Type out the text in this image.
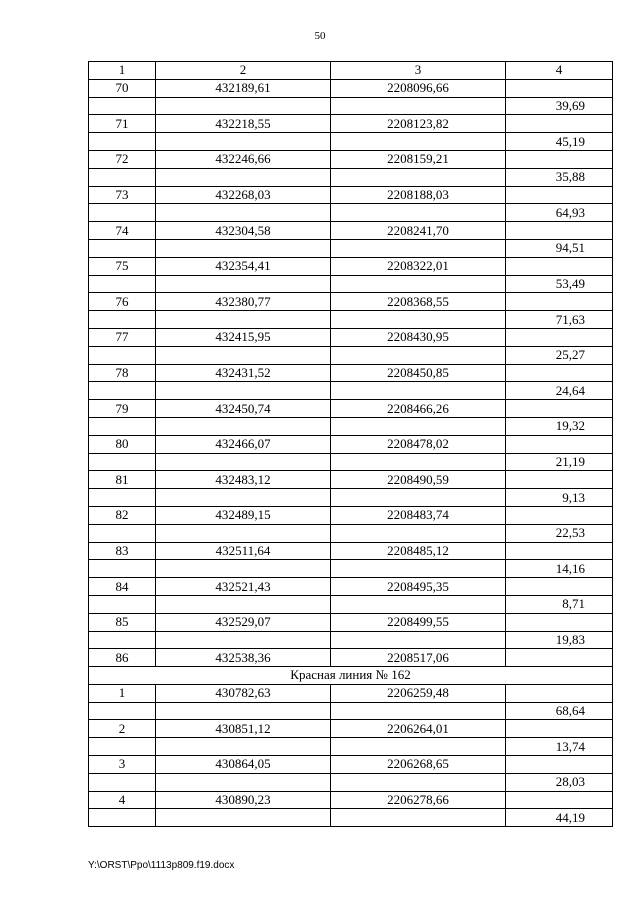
50
1	2	3	4
70	432189,61	2208096,66	
			39,69
71	432218,55	2208123,82	
			45,19
72	432246,66	2208159,21	
			35,88
73	432268,03	2208188,03	
			64,93
74	432304,58	2208241,70	
			94,51
75	432354,41	2208322,01	
			53,49
76	432380,77	2208368,55	
			71,63
77	432415,95	2208430,95	
			25,27
78	432431,52	2208450,85	
			24,64
79	432450,74	2208466,26	
			19,32
80	432466,07	2208478,02	
			21,19
81	432483,12	2208490,59	
			9,13
82	432489,15	2208483,74	
			22,53
83	432511,64	2208485,12	
			14,16
84	432521,43	2208495,35	
			8,71
85	432529,07	2208499,55	
			19,83
86	432538,36	2208517,06	
Красная линия № 162			
1	430782,63	2206259,48	
			68,64
2	430851,12	2206264,01	
			13,74
3	430864,05	2206268,65	
			28,03
4	430890,23	2206278,66	
			44,19
Y:\ORST\Ppo\1113p809.f19.docx
